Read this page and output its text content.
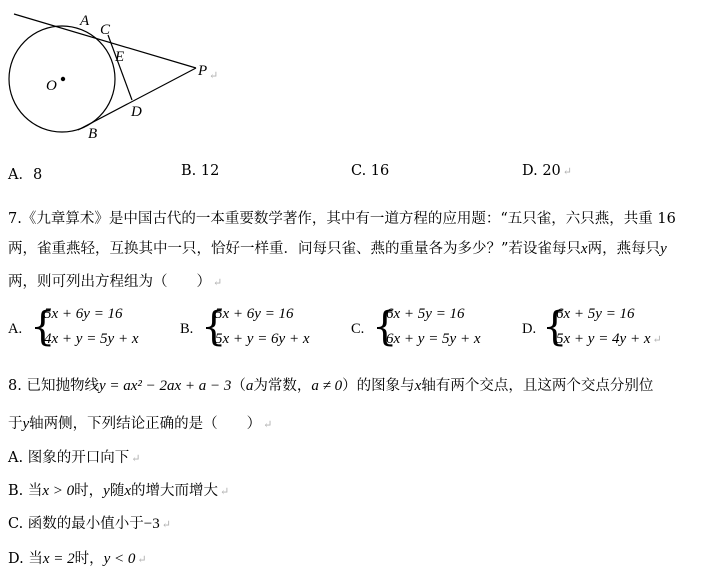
A
C
E
P
O
D
B
↵
A．8	B. 12	C. 16	D. 20 ↵
7.《九章算术》是中国古代的一本重要数学著作，其中有一道方程的应用题：“五只雀，六只燕，共重 16
两，雀重燕轻，互换其中一只，恰好一样重．问每只雀、燕的重量各为多少？”若设雀每只x两，燕每只y
两，则可列出方程组为（　　） ↵
A. {
5x + 6y = 16
4x + y = 5y + x
B. {
5x + 6y = 16
5x + y = 6y + x
C. {
6x + 5y = 16
6x + y = 5y + x
D. {
6x + 5y = 16
5x + y = 4y + x ↵
8. 已知抛物线y = ax² − 2ax + a − 3（a为常数，a ≠ 0）的图象与x轴有两个交点，且这两个交点分别位
于y轴两侧，下列结论正确的是（　　） ↵
A. 图象的开口向下 ↵
B. 当x > 0时，y随x的增大而增大 ↵
C. 函数的最小值小于−3 ↵
D. 当x = 2时，y < 0 ↵
